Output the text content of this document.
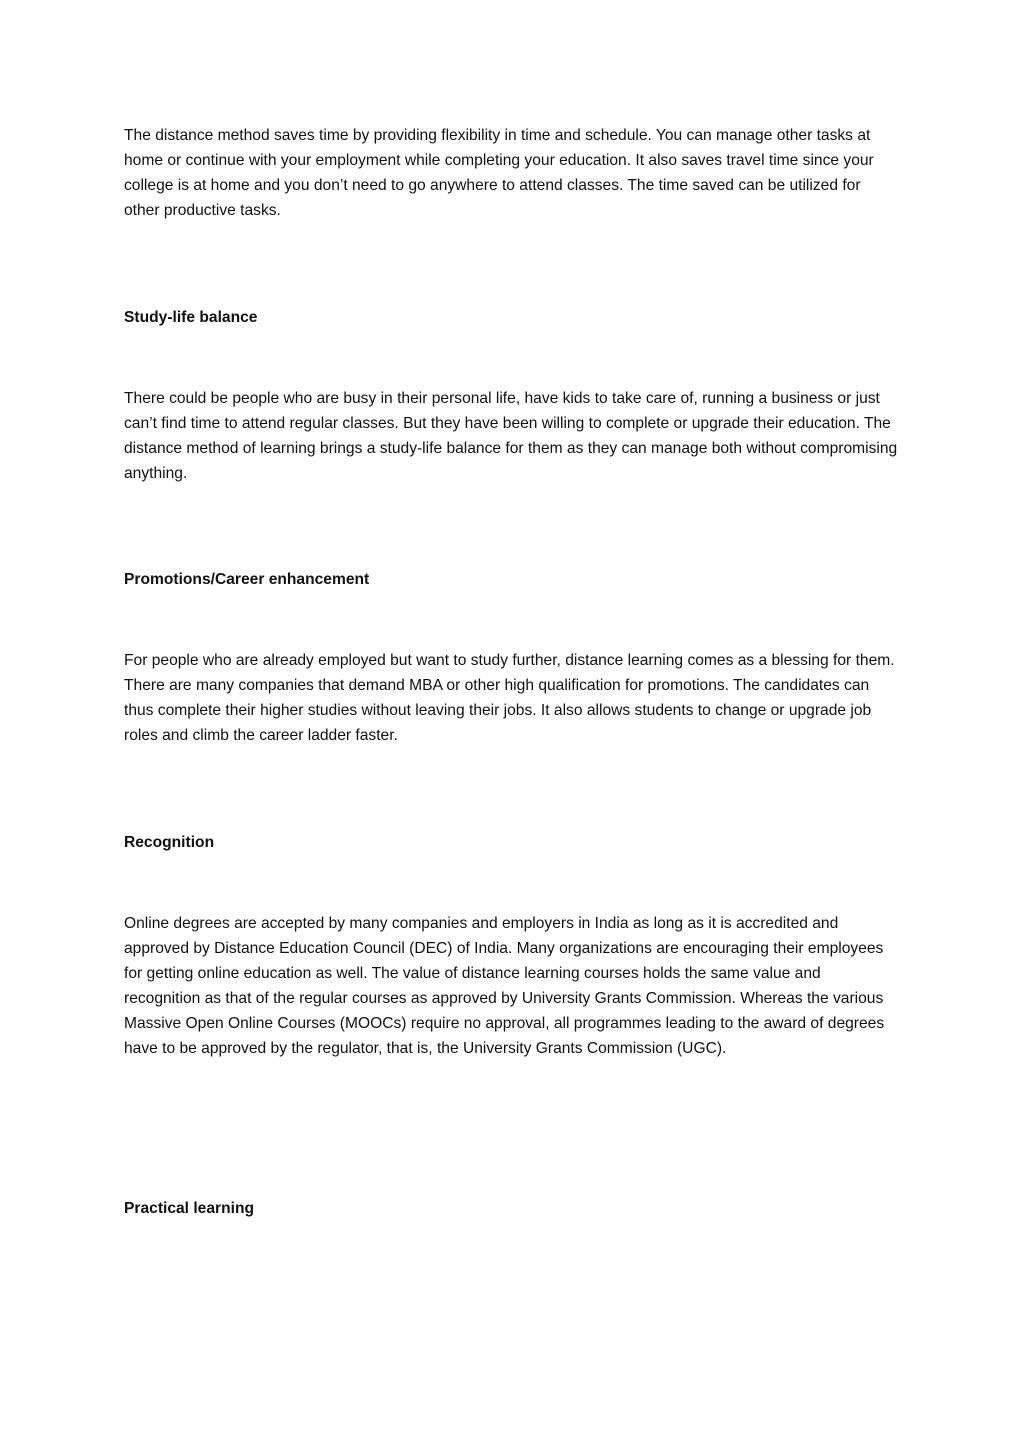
The distance method saves time by providing flexibility in time and schedule. You can manage other tasks at home or continue with your employment while completing your education. It also saves travel time since your college is at home and you don’t need to go anywhere to attend classes. The time saved can be utilized for other productive tasks.

Study-life balance

There could be people who are busy in their personal life, have kids to take care of, running a business or just can’t find time to attend regular classes. But they have been willing to complete or upgrade their education. The distance method of learning brings a study-life balance for them as they can manage both without compromising anything.

Promotions/Career enhancement

For people who are already employed but want to study further, distance learning comes as a blessing for them. There are many companies that demand MBA or other high qualification for promotions. The candidates can thus complete their higher studies without leaving their jobs. It also allows students to change or upgrade job roles and climb the career ladder faster.

Recognition

Online degrees are accepted by many companies and employers in India as long as it is accredited and approved by Distance Education Council (DEC) of India. Many organizations are encouraging their employees for getting online education as well. The value of distance learning courses holds the same value and recognition as that of the regular courses as approved by University Grants Commission. Whereas the various Massive Open Online Courses (MOOCs) require no approval, all programmes leading to the award of degrees have to be approved by the regulator, that is, the University Grants Commission (UGC).

Practical learning
